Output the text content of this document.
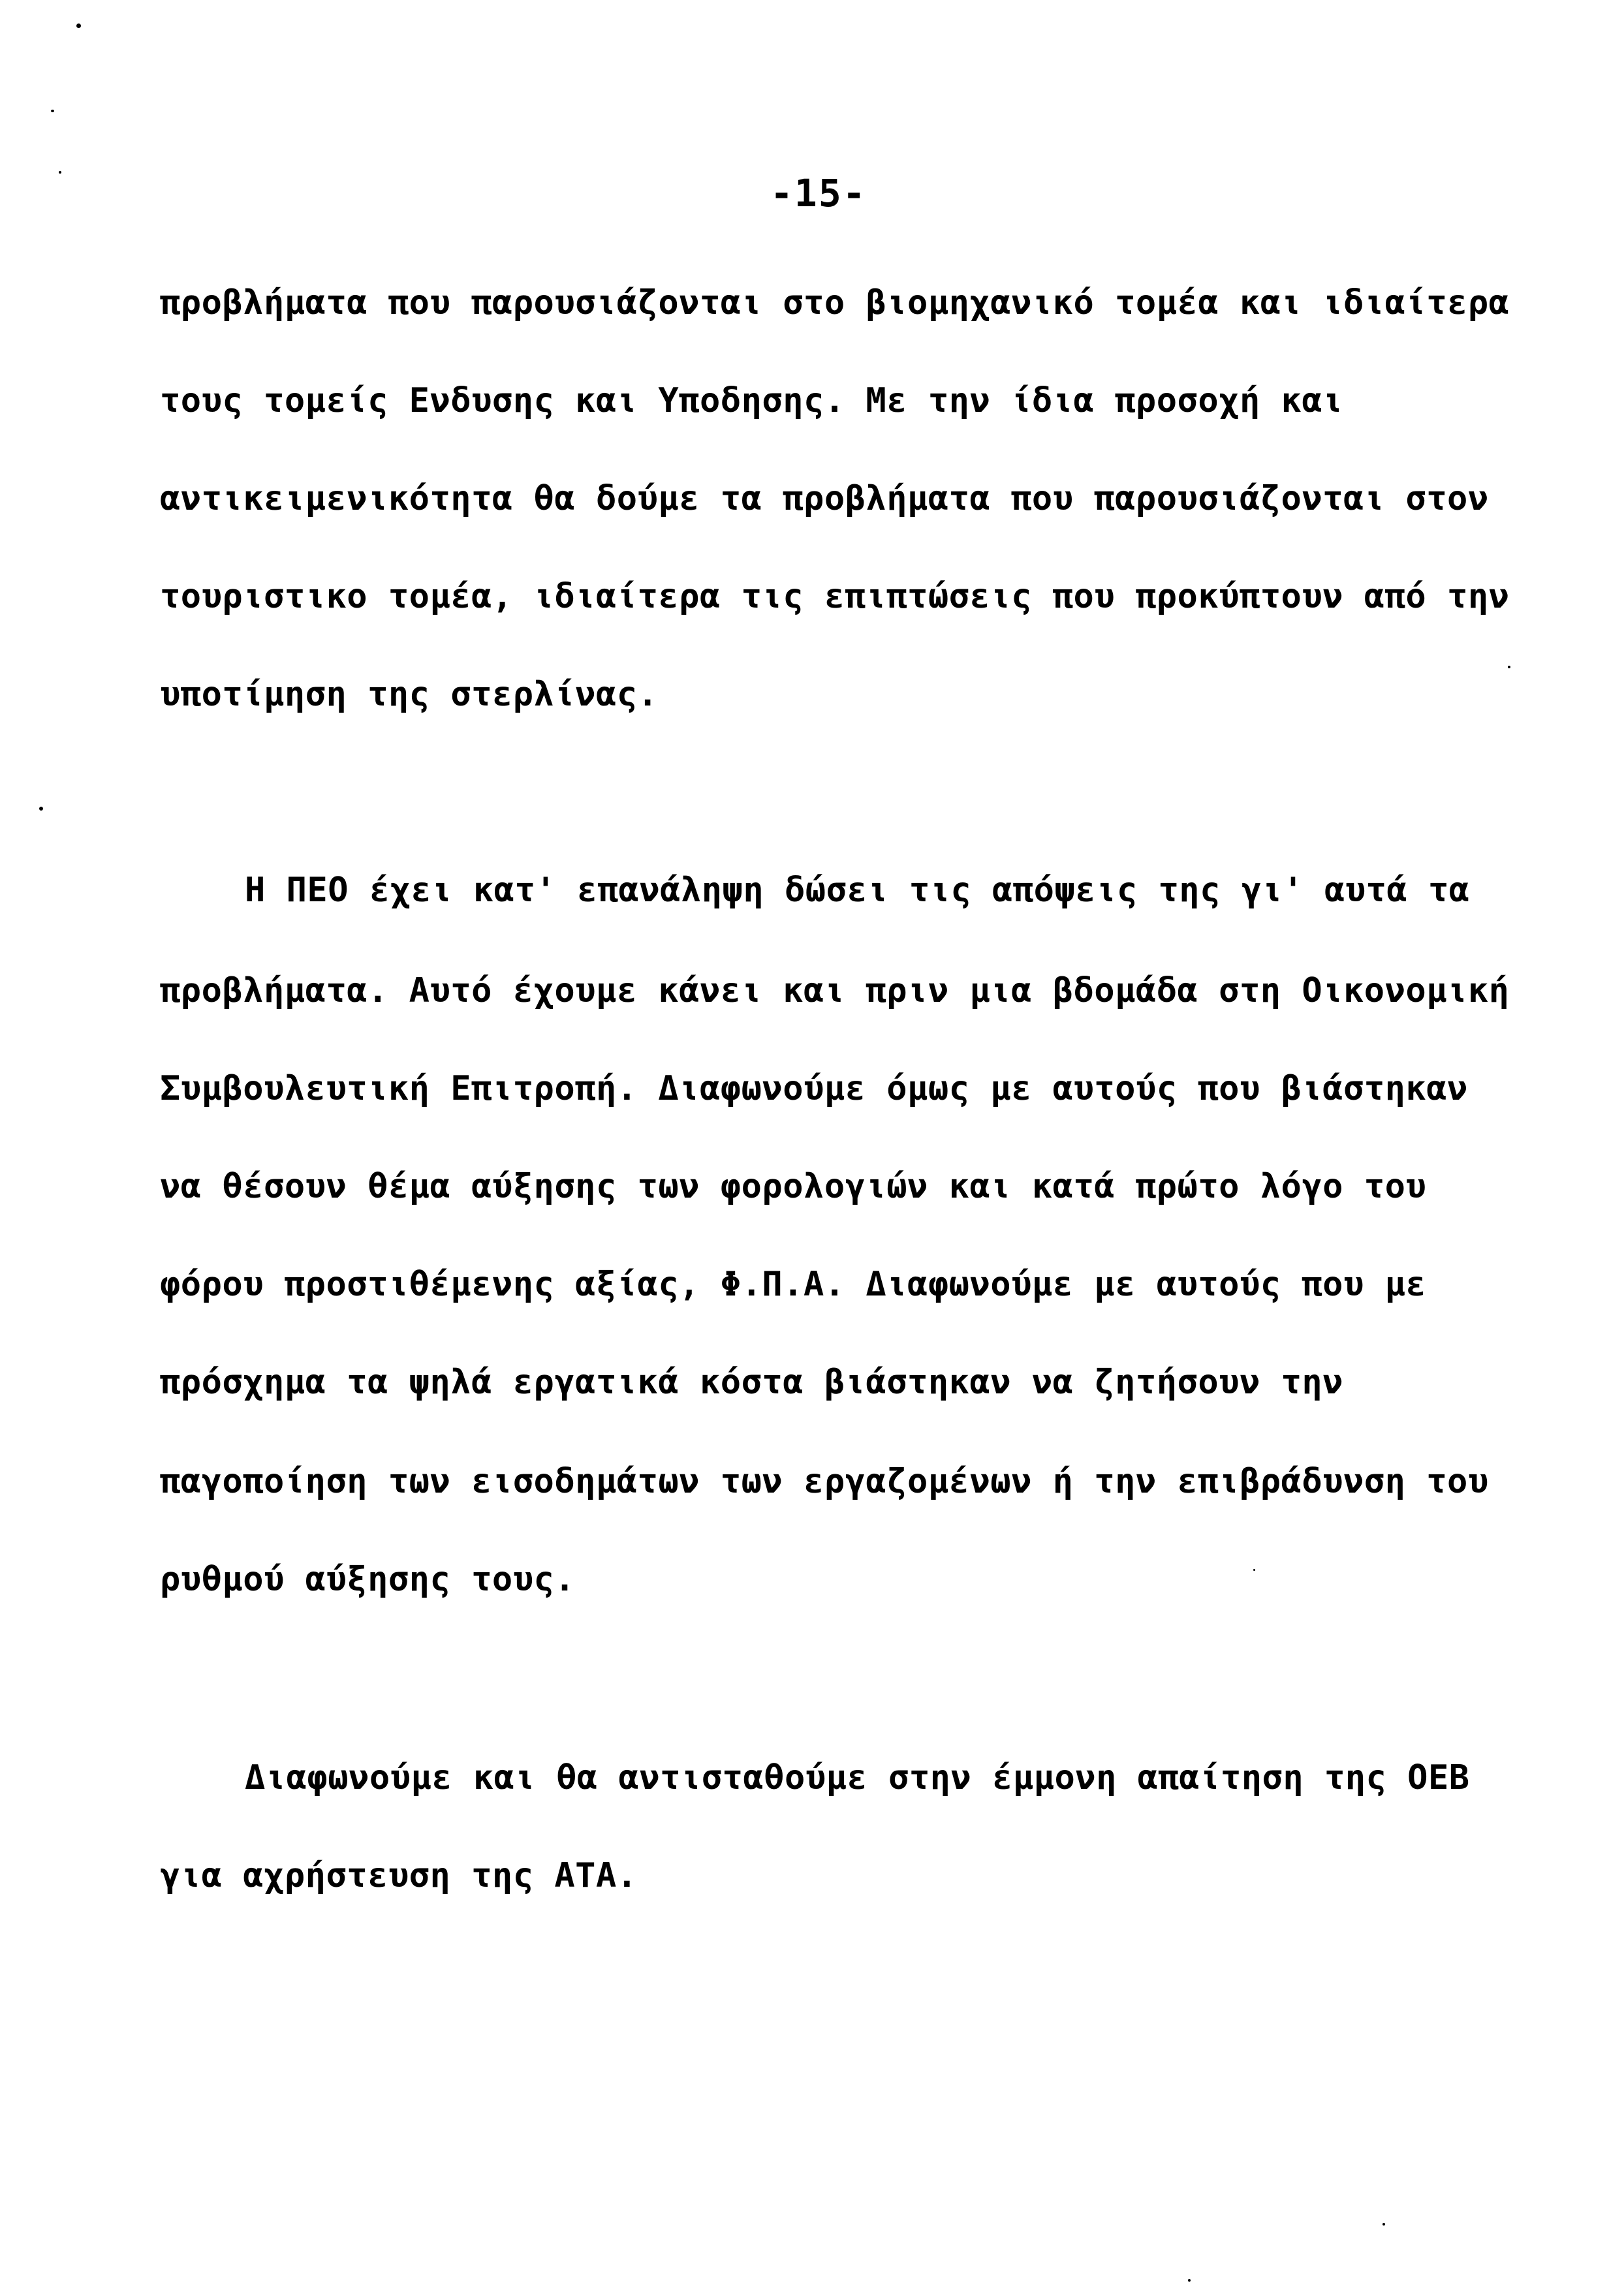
-15-
προβλήματα που παρουσιάζονται στο βιομηχανικό τομέα και ιδιαίτερα
τους τομείς Ενδυσης και Υποδησης. Με την ίδια προσοχή και
αντικειμενικότητα θα δούμε τα προβλήματα που παρουσιάζονται στον
τουριστικο τομέα, ιδιαίτερα τις επιπτώσεις που προκύπτουν από την
υποτίμηση της στερλίνας.
Η ΠΕΟ έχει κατ' επανάληψη δώσει τις απόψεις της γι' αυτά τα
προβλήματα. Αυτό έχουμε κάνει και πριν μια βδομάδα στη Οικονομική
Συμβουλευτική Επιτροπή. Διαφωνούμε όμως με αυτούς που βιάστηκαν
να θέσουν θέμα αύξησης των φορολογιών και κατά πρώτο λόγο του
φόρου προστιθέμενης αξίας, Φ.Π.Α. Διαφωνούμε με αυτούς που με
πρόσχημα τα ψηλά εργατικά κόστα βιάστηκαν να ζητήσουν την
παγοποίηση των εισοδημάτων των εργαζομένων ή την επιβράδυνση του
ρυθμού αύξησης τους.
Διαφωνούμε και θα αντισταθούμε στην έμμονη απαίτηση της ΟΕΒ
για αχρήστευση της ΑΤΑ.
